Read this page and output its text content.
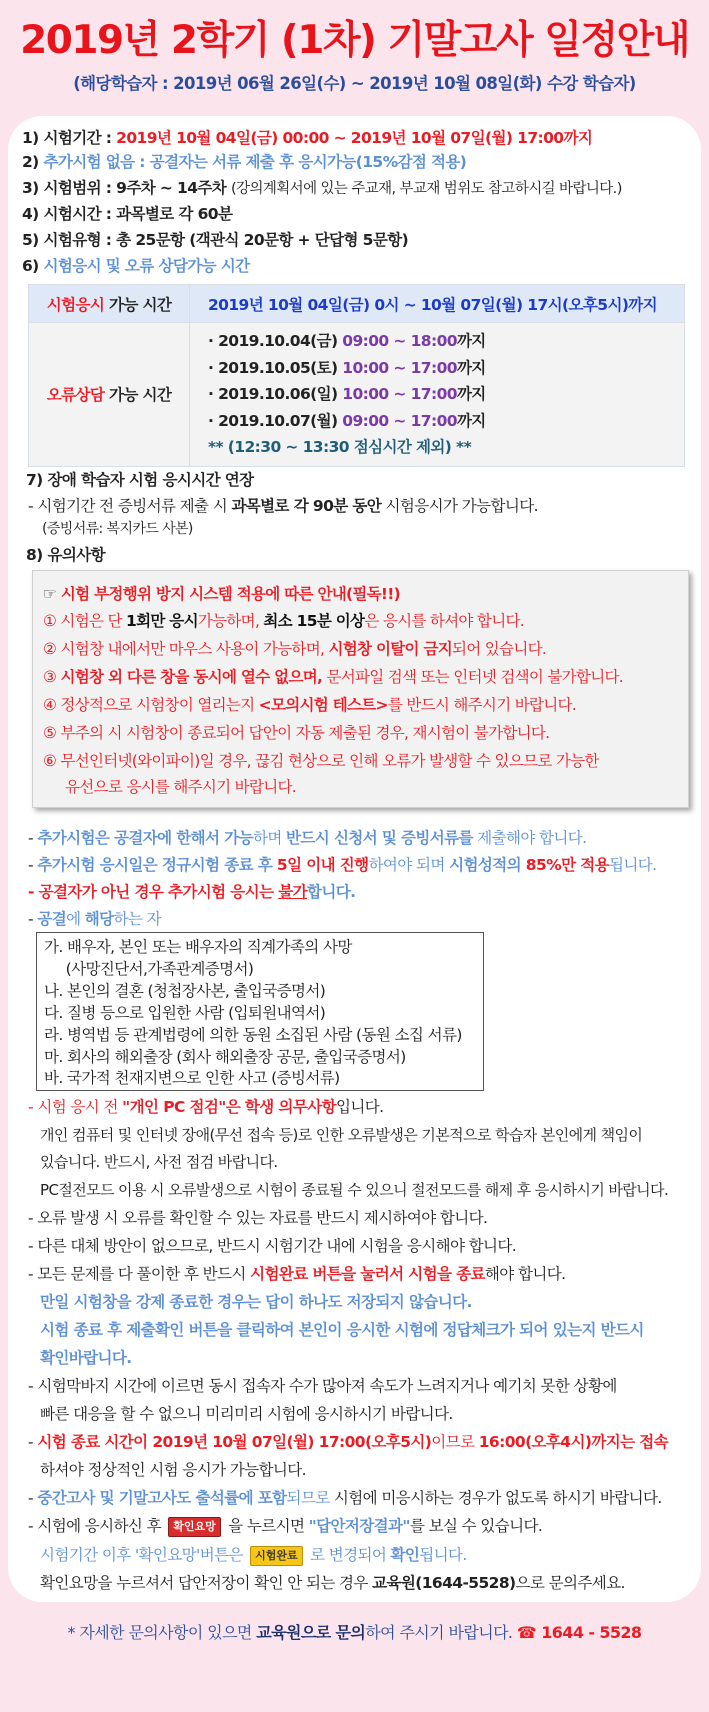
2019년 2학기 (1차) 기말고사 일정안내
(해당학습자 : 2019년 06월 26일(수) ~ 2019년 10월 08일(화) 수강 학습자)
1) 시험기간 : 2019년 10월 04일(금) 00:00 ~ 2019년 10월 07일(월) 17:00까지
2) 추가시험 없음 : 공결자는 서류 제출 후 응시가능(15%감점 적용)
3) 시험범위 : 9주차 ~ 14주차 (강의계획서에 있는 주교재, 부교재 범위도 참고하시길 바랍니다.)
4) 시험시간 : 과목별로 각 60분
5) 시험유형 : 총 25문항 (객관식 20문항 + 단답형 5문항)
6) 시험응시 및 오류 상담가능 시간
시험응시 가능 시간	2019년 10월 04일(금) 0시 ~ 10월 07일(월) 17시(오후5시)까지
오류상담 가능 시간	· 2019.10.04(금) 09:00 ~ 18:00까지
· 2019.10.05(토) 10:00 ~ 17:00까지
· 2019.10.06(일) 10:00 ~ 17:00까지
· 2019.10.07(월) 09:00 ~ 17:00까지
** (12:30 ~ 13:30 점심시간 제외) **
7) 장애 학습자 시험 응시시간 연장
- 시험기간 전 증빙서류 제출 시 과목별로 각 90분 동안 시험응시가 가능합니다.
(증빙서류: 복지카드 사본)
8) 유의사항
☞ 시험 부정행위 방지 시스템 적용에 따른 안내(필독!!)
① 시험은 단 1회만 응시가능하며, 최소 15분 이상은 응시를 하셔야 합니다.
② 시험창 내에서만 마우스 사용이 가능하며, 시험창 이탈이 금지되어 있습니다.
③ 시험창 외 다른 창을 동시에 열수 없으며, 문서파일 검색 또는 인터넷 검색이 불가합니다.
④ 정상적으로 시험창이 열리는지 <모의시험 테스트>를 반드시 해주시기 바랍니다.
⑤ 부주의 시 시험창이 종료되어 답안이 자동 제출된 경우, 재시험이 불가합니다.
⑥ 무선인터넷(와이파이)일 경우, 끊김 현상으로 인해 오류가 발생할 수 있으므로 가능한
유선으로 응시를 해주시기 바랍니다.
- 추가시험은 공결자에 한해서 가능하며 반드시 신청서 및 증빙서류를 제출해야 합니다.
- 추가시험 응시일은 정규시험 종료 후 5일 이내 진행하여야 되며 시험성적의 85%만 적용됩니다.
- 공결자가 아닌 경우 추가시험 응시는 불가합니다.
- 공결에 해당하는 자
가. 배우자, 본인 또는 배우자의 직계가족의 사망
(사망진단서,가족관계증명서)
나. 본인의 결혼 (청첩장사본, 출입국증명서)
다. 질병 등으로 입원한 사람 (입퇴원내역서)
라. 병역법 등 관계법령에 의한 동원 소집된 사람 (동원 소집 서류)
마. 회사의 해외출장 (회사 해외출장 공문, 출입국증명서)
바. 국가적 천재지변으로 인한 사고 (증빙서류)
- 시험 응시 전 "개인 PC 점검"은 학생 의무사항입니다.
개인 컴퓨터 및 인터넷 장애(무선 접속 등)로 인한 오류발생은 기본적으로 학습자 본인에게 책임이
있습니다. 반드시, 사전 점검 바랍니다.
PC절전모드 이용 시 오류발생으로 시험이 종료될 수 있으니 절전모드를 해제 후 응시하시기 바랍니다.
- 오류 발생 시 오류를 확인할 수 있는 자료를 반드시 제시하여야 합니다.
- 다른 대체 방안이 없으므로, 반드시 시험기간 내에 시험을 응시해야 합니다.
- 모든 문제를 다 풀이한 후 반드시 시험완료 버튼을 눌러서 시험을 종료해야 합니다.
만일 시험창을 강제 종료한 경우는 답이 하나도 저장되지 않습니다.
시험 종료 후 제출확인 버튼을 클릭하여 본인이 응시한 시험에 정답체크가 되어 있는지 반드시
확인바랍니다.
- 시험막바지 시간에 이르면 동시 접속자 수가 많아져 속도가 느려지거나 예기치 못한 상황에
빠른 대응을 할 수 없으니 미리미리 시험에 응시하시기 바랍니다.
- 시험 종료 시간이 2019년 10월 07일(월) 17:00(오후5시)이므로 16:00(오후4시)까지는 접속
하셔야 정상적인 시험 응시가 가능합니다.
- 중간고사 및 기말고사도 출석률에 포함되므로 시험에 미응시하는 경우가 없도록 하시기 바랍니다.
- 시험에 응시하신 후 확인요망 을 누르시면 "답안저장결과"를 보실 수 있습니다.
시험기간 이후 '확인요망'버튼은 시험완료 로 변경되어 확인됩니다.
확인요망을 누르셔서 답안저장이 확인 안 되는 경우 교육원(1644-5528)으로 문의주세요.
* 자세한 문의사항이 있으면 교육원으로 문의하여 주시기 바랍니다. ☎ 1644 - 5528
